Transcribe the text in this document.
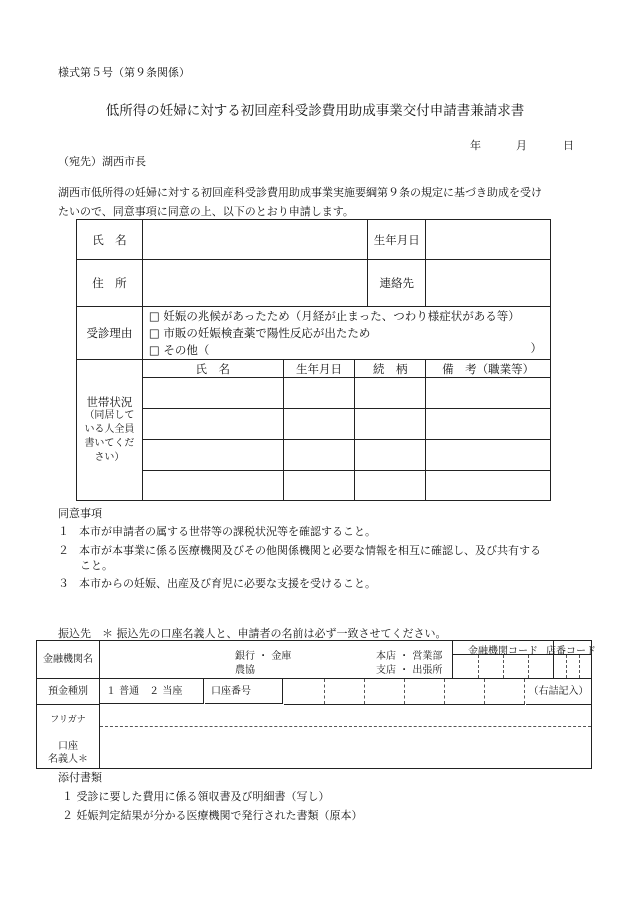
様式第５号（第９条関係）
低所得の妊婦に対する初回産科受診費用助成事業交付申請書兼請求書
年	月	日
（宛先）湖西市長
湖西市低所得の妊婦に対する初回産科受診費用助成事業実施要綱第９条の規定に基づき助成を受け
たいので、同意事項に同意の上、以下のとおり申請します。
氏　名				生年月日	
住　所				連絡先	
受診理由	□ 妊娠の兆候があったため（月経が止まった、つわり様症状がある等）
□ 市販の妊娠検査薬で陽性反応が出たため
□ その他（ ）				

世帯状況
（同居して
いる人全員
書いてくだ
さい）	氏　名	生年月日	続　柄		備　考（職業等）

同意事項
１ 本市が申請者の属する世帯等の課税状況等を確認すること。
２ 本市が本事業に係る医療機関及びその他関係機関と必要な情報を相互に確認し、及び共有する
こと。
３ 本市からの妊娠、出産及び育児に必要な支援を受けること。
振込先　＊ 振込先の口座名義人と、申請者の名前は必ず一致させてください。
金融機関名	銀行 ・ 金庫
農協
本店 ・ 営業部
支店 ・ 出張所
金融機関コード 店番コード
預金種別	１ 普通　２ 当座	口座番号	（右詰記入）
フリガナ
口座
名義人＊
添付書類
１ 受診に要した費用に係る領収書及び明細書（写し）
２ 妊娠判定結果が分かる医療機関で発行された書類（原本）
